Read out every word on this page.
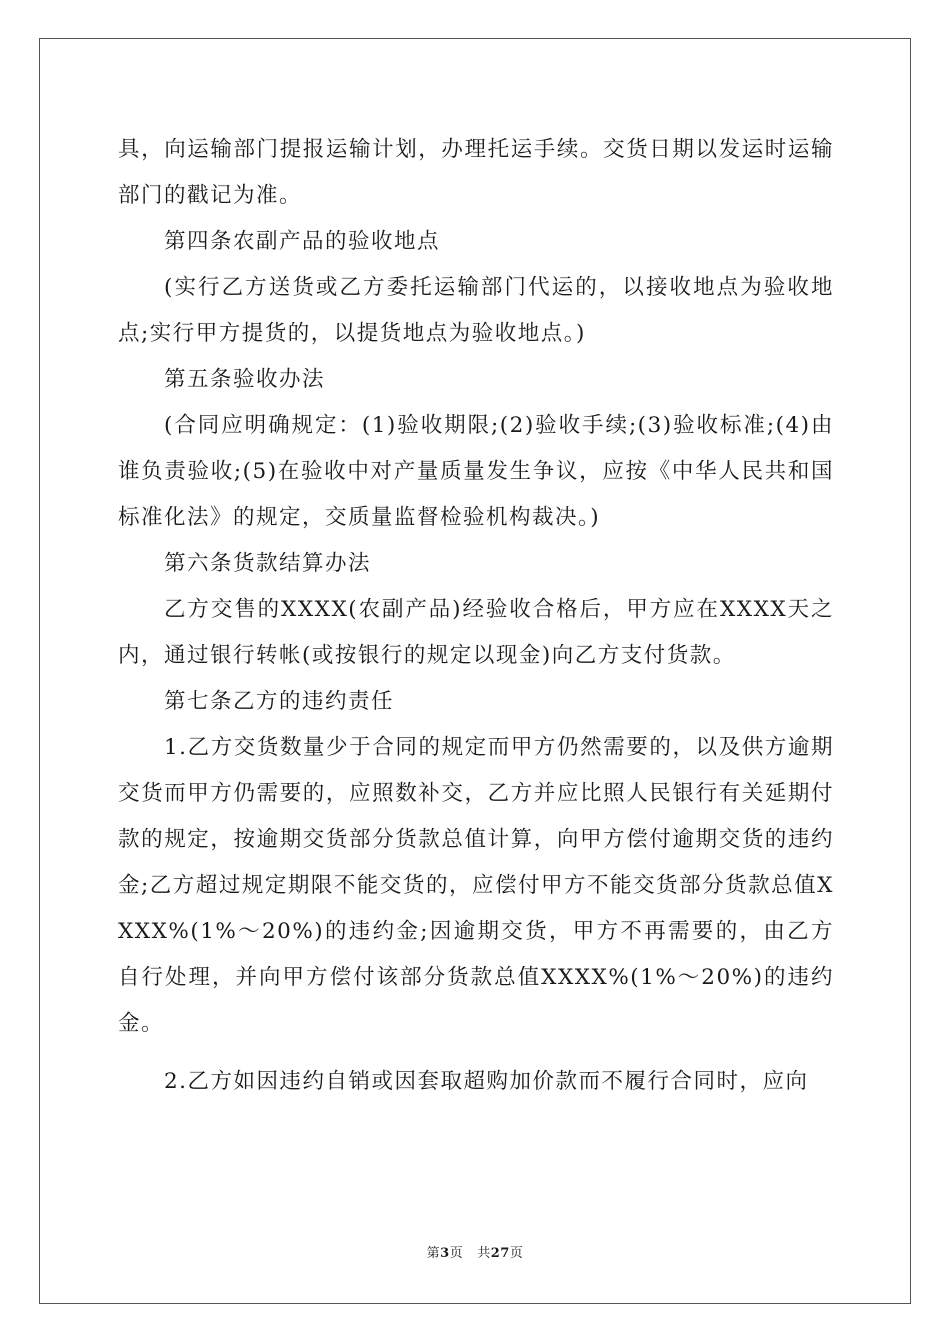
具，向运输部门提报运输计划，办理托运手续。交货日期以发运时运输部门的戳记为准。

第四条农副产品的验收地点

(实行乙方送货或乙方委托运输部门代运的，以接收地点为验收地点;实行甲方提货的，以提货地点为验收地点。)

第五条验收办法

(合同应明确规定：(1)验收期限;(2)验收手续;(3)验收标准;(4)由谁负责验收;(5)在验收中对产量质量发生争议，应按《中华人民共和国标准化法》的规定，交质量监督检验机构裁决。)

第六条货款结算办法

乙方交售的XXXX(农副产品)经验收合格后，甲方应在XXXX天之内，通过银行转帐(或按银行的规定以现金)向乙方支付货款。

第七条乙方的违约责任

1.乙方交货数量少于合同的规定而甲方仍然需要的，以及供方逾期交货而甲方仍需要的，应照数补交，乙方并应比照人民银行有关延期付款的规定，按逾期交货部分货款总值计算，向甲方偿付逾期交货的违约金;乙方超过规定期限不能交货的，应偿付甲方不能交货部分货款总值XXXX%(1%～20%)的违约金;因逾期交货，甲方不再需要的，由乙方自行处理，并向甲方偿付该部分货款总值XXXX%(1%～20%)的违约金。

2.乙方如因违约自销或因套取超购加价款而不履行合同时，应向

第3页 共27页
